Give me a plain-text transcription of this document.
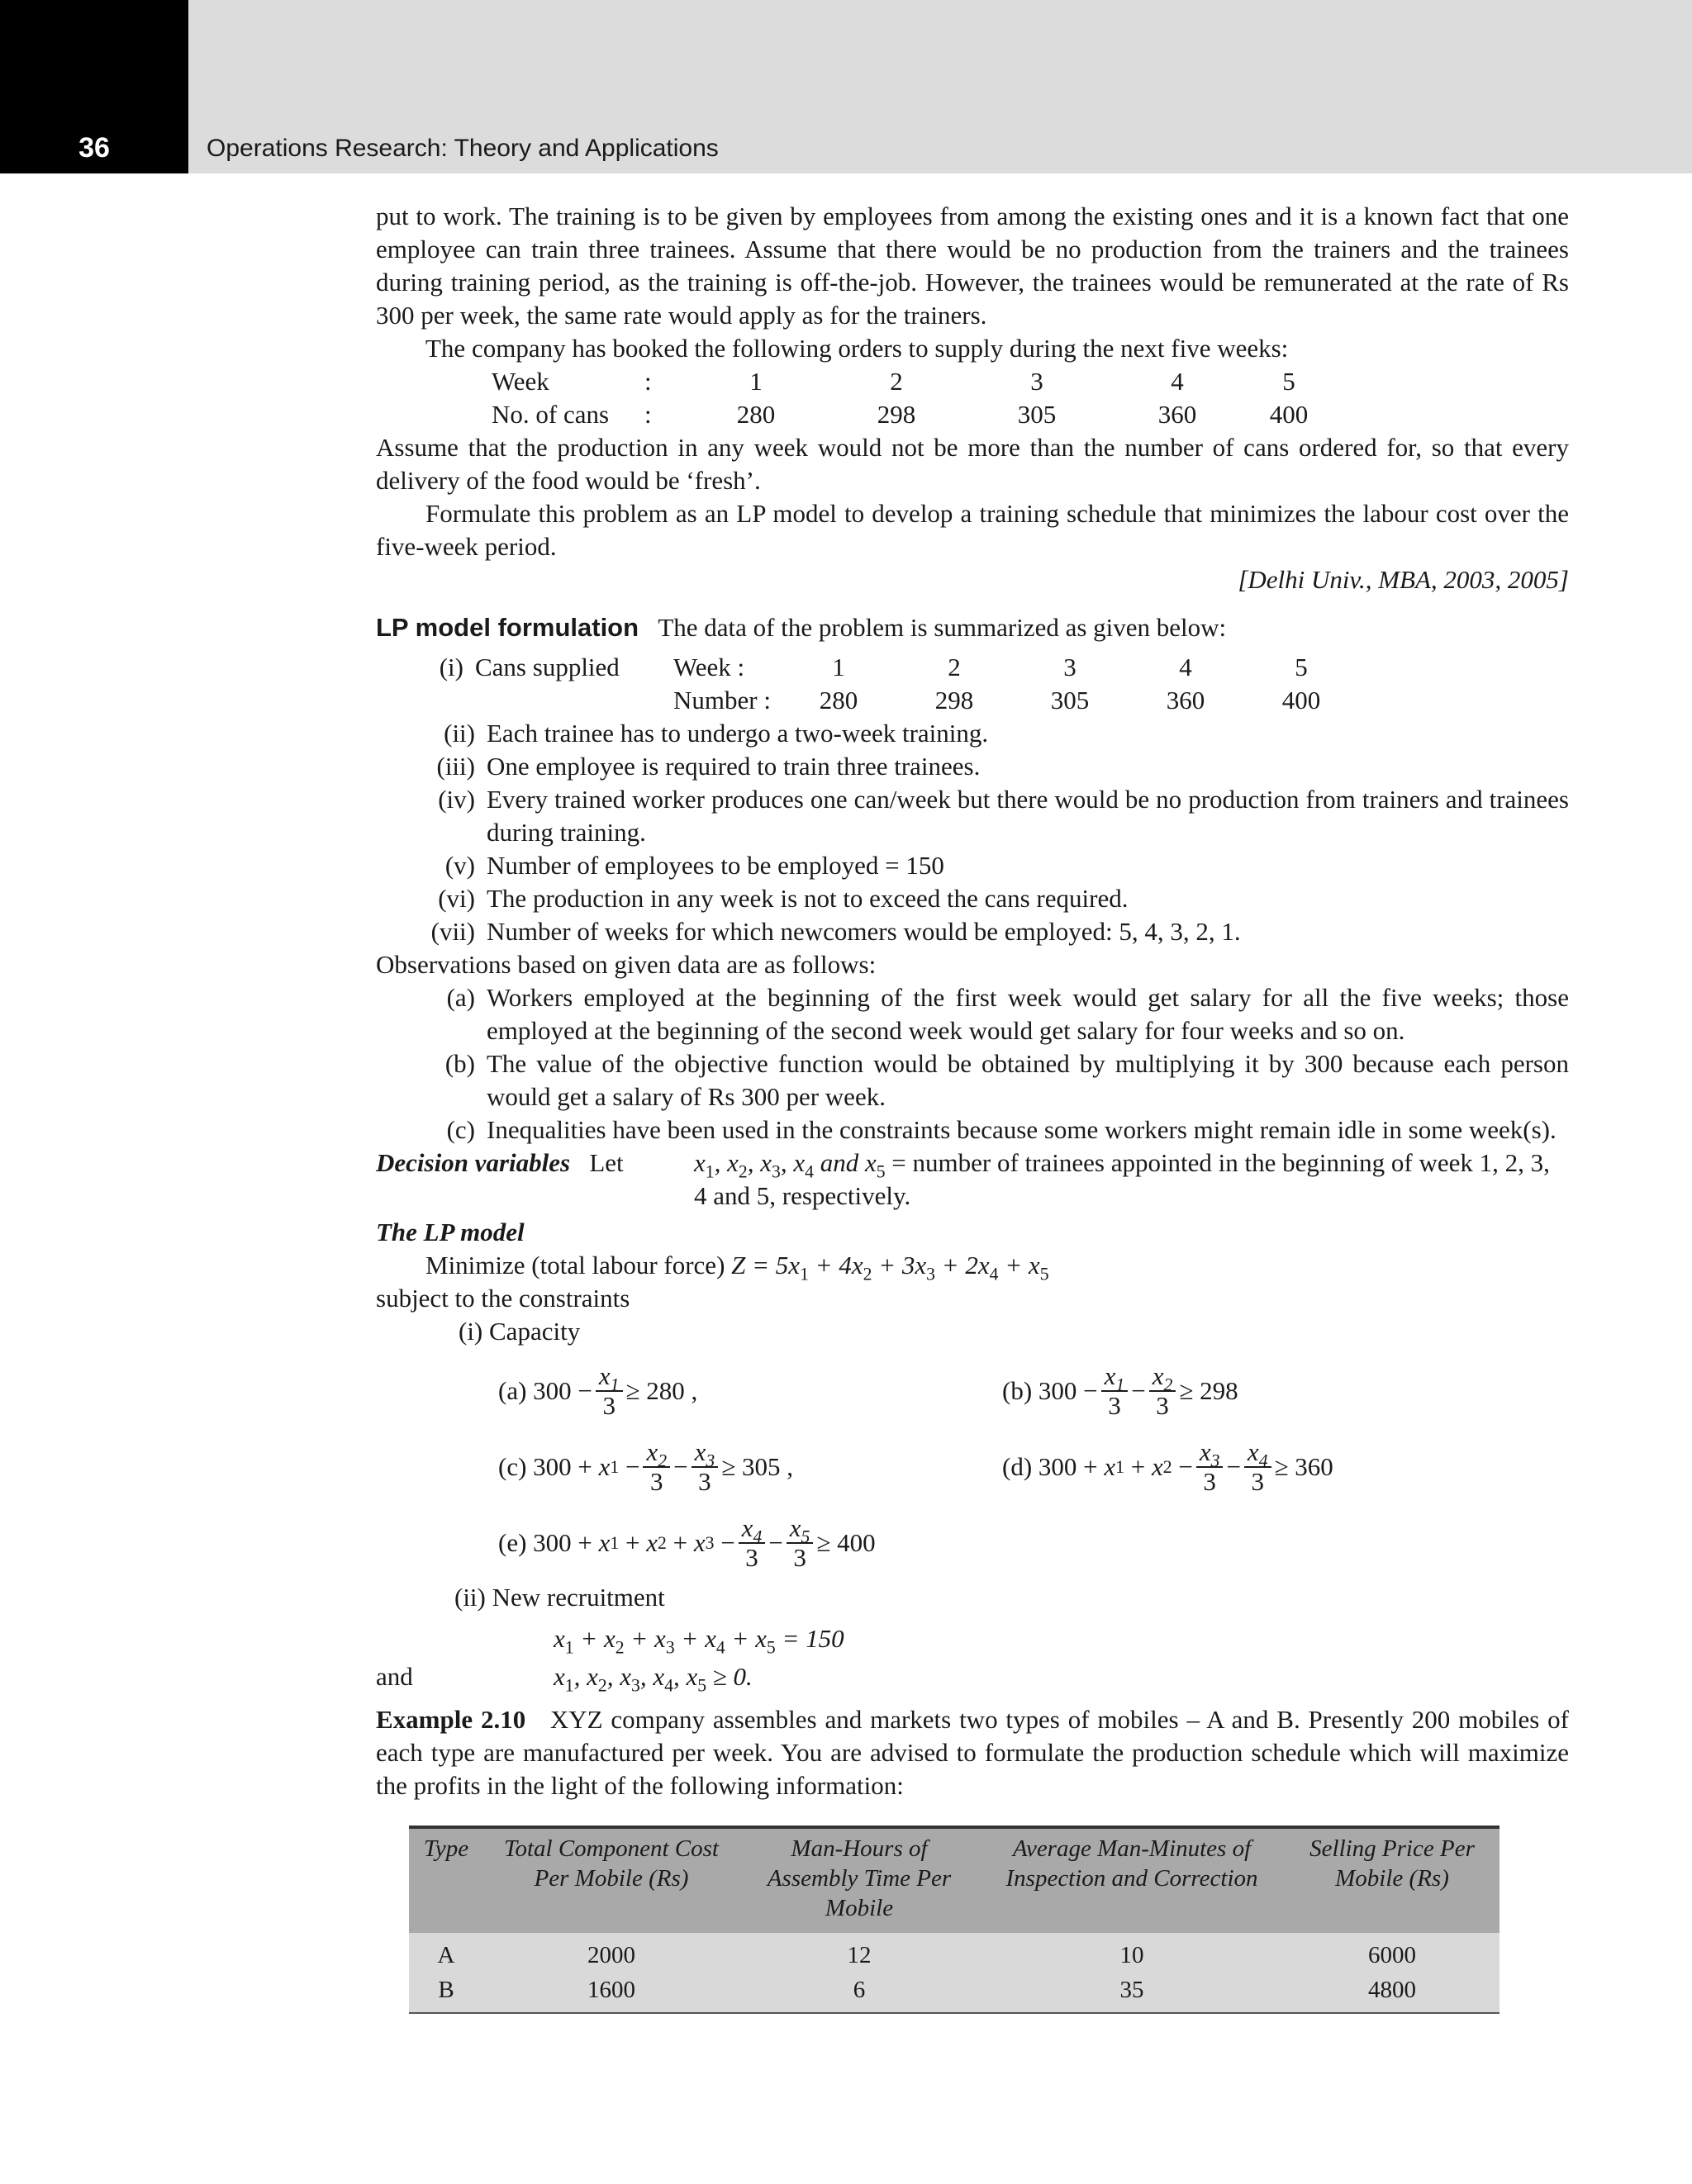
36	Operations Research: Theory and Applications

put to work. The training is to be given by employees from among the existing ones and it is a known fact that one employee can train three trainees. Assume that there would be no production from the trainers and the trainees during training period, as the training is off-the-job. However, the trainees would be remunerated at the rate of Rs 300 per week, the same rate would apply as for the trainers.

The company has booked the following orders to supply during the next five weeks:

Week	:	1	2	3	4	5
No. of cans	:	280	298	305	360	400

Assume that the production in any week would not be more than the number of cans ordered for, so that every delivery of the food would be ‘fresh’.

Formulate this problem as an LP model to develop a training schedule that minimizes the labour cost over the five-week period.

[Delhi Univ., MBA, 2003, 2005]
LP model formulation The data of the problem is summarized as given below:
(i) Cans supplied	Week :	1	2	3	4	5
Number :	280	298	305	360	400
(ii) Each trainee has to undergo a two-week training.
(iii) One employee is required to train three trainees.
(iv) Every trained worker produces one can/week but there would be no production from trainers and trainees during training.
(v) Number of employees to be employed = 150
(vi) The production in any week is not to exceed the cans required.
(vii) Number of weeks for which newcomers would be employed: 5, 4, 3, 2, 1.

Observations based on given data are as follows:

(a) Workers employed at the beginning of the first week would get salary for all the five weeks; those employed at the beginning of the second week would get salary for four weeks and so on.
(b) The value of the objective function would be obtained by multiplying it by 300 because each person would get a salary of Rs 300 per week.
(c) Inequalities have been used in the constraints because some workers might remain idle in some week(s).
Decision variables Let	$x_1$, $x_2$, $x_3$, $x_4$ and $x_5$ = number of trainees appointed in the beginning of week 1, 2, 3, 4 and 5, respectively.

The LP model

Minimize (total labour force) $Z = 5x_1 + 4x_2 + 3x_3 + 2x_4 + x_5$

subject to the constraints

(i) Capacity

(a) $300 - \frac{x_1}{3} \ge 280$ ,	(b) $300 - \frac{x_1}{3} - \frac{x_2}{3} \ge 298$
(c) 300 + x $1 - \frac{x_2}{3} - \frac{x_3}{3} \ge 305$ ,	(d) 300 + x 1 + x $2 - \frac{x_3}{3} - \frac{x_4}{3} \ge 360$
(e) 300 + x 1 + x 2 + x $3 - \frac{x_4}{3} - \frac{x_5}{3} \ge 400$

(ii) New recruitment

$x_1 + x_2 + x_3 + x_4 + x_5 = 150$

and	$x_1$, $x_2$, $x_3$, $x_4$, $x_5 \ge 0$.

Example 2.10 XYZ company assembles and markets two types of mobiles – A and B. Presently 200 mobiles of each type are manufactured per week. You are advised to formulate the production schedule which will maximize the profits in the light of the following information:

Type	Total Component Cost Per Mobile (Rs)	Man-Hours of Assembly Time Per Mobile	Average Man-Minutes of Inspection and Correction	Selling Price Per Mobile (Rs)
A	2000	12	10	6000
B	1600	6	35	4800
